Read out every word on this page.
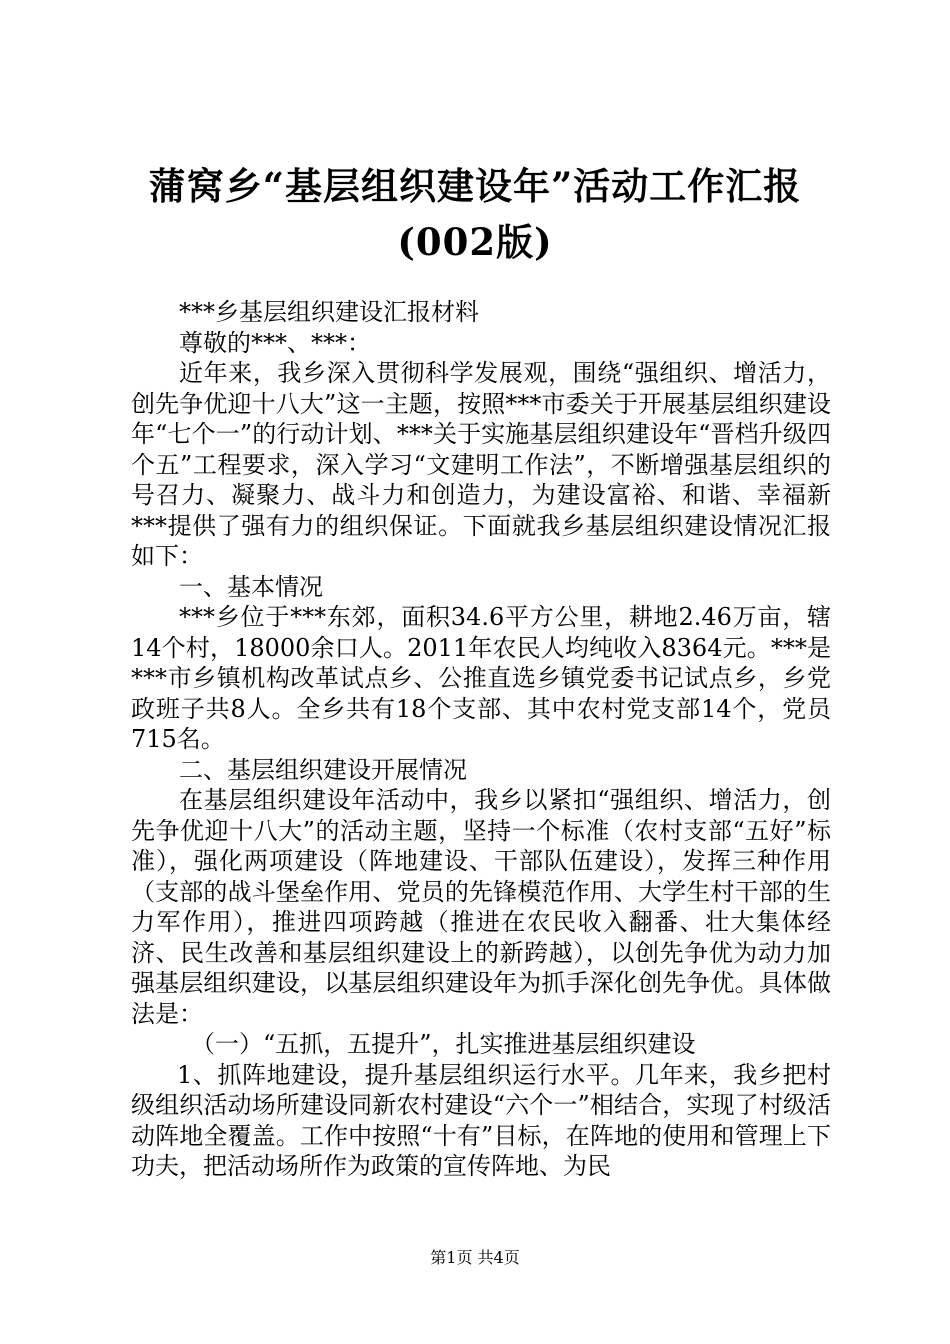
蒲窝乡“基层组织建设年”活动工作汇报(002版)

***乡基层组织建设汇报材料

尊敬的***、***：

近年来，我乡深入贯彻科学发展观，围绕“强组织、增活力，创先争优迎十八大”这一主题，按照***市委关于开展基层组织建设年“七个一”的行动计划、***关于实施基层组织建设年“晋档升级四个五”工程要求，深入学习“文建明工作法”，不断增强基层组织的号召力、凝聚力、战斗力和创造力，为建设富裕、和谐、幸福新***提供了强有力的组织保证。下面就我乡基层组织建设情况汇报如下：

一、基本情况

***乡位于***东郊，面积34.6平方公里，耕地2.46万亩，辖14个村，18000余口人。2011年农民人均纯收入8364元。***是***市乡镇机构改革试点乡、公推直选乡镇党委书记试点乡，乡党政班子共8人。全乡共有18个支部、其中农村党支部14个，党员715名。

二、基层组织建设开展情况

在基层组织建设年活动中，我乡以紧扣“强组织、增活力，创先争优迎十八大”的活动主题，坚持一个标准（农村支部“五好”标准），强化两项建设（阵地建设、干部队伍建设），发挥三种作用（支部的战斗堡垒作用、党员的先锋模范作用、大学生村干部的生力军作用），推进四项跨越（推进在农民收入翻番、壮大集体经济、民生改善和基层组织建设上的新跨越），以创先争优为动力加强基层组织建设，以基层组织建设年为抓手深化创先争优。具体做法是：

（一）“五抓，五提升”，扎实推进基层组织建设

1、抓阵地建设，提升基层组织运行水平。几年来，我乡把村级组织活动场所建设同新农村建设“六个一”相结合，实现了村级活动阵地全覆盖。工作中按照“十有”目标，在阵地的使用和管理上下功夫，把活动场所作为政策的宣传阵地、为民

第1页 共4页
